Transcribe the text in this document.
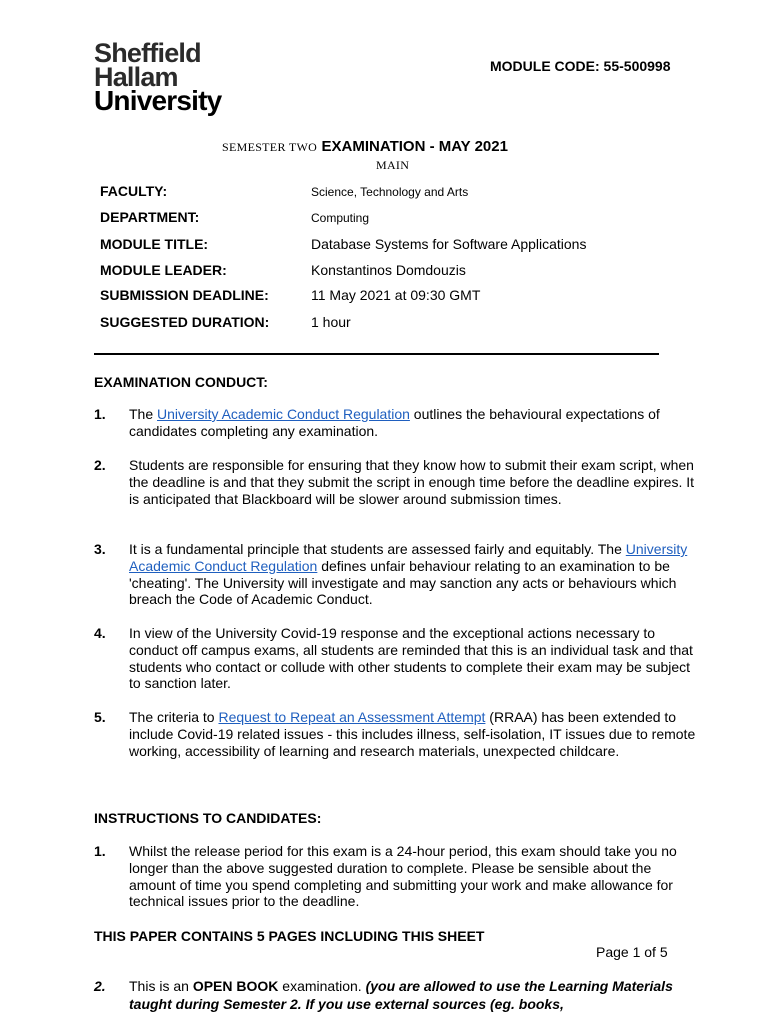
Sheffield
Hallam
University
MODULE CODE: 55-500998
SEMESTER TWO EXAMINATION - MAY 2021
MAIN
FACULTY:	Science, Technology and Arts
DEPARTMENT:	Computing
MODULE TITLE:	Database Systems for Software Applications
MODULE LEADER:	Konstantinos Domdouzis
SUBMISSION DEADLINE:	11 May 2021 at 09:30 GMT
SUGGESTED DURATION:	1 hour
EXAMINATION CONDUCT:
1. The University Academic Conduct Regulation outlines the behavioural expectations of candidates completing any examination.
2. Students are responsible for ensuring that they know how to submit their exam script, when the deadline is and that they submit the script in enough time before the deadline expires. It is anticipated that Blackboard will be slower around submission times.
3. It is a fundamental principle that students are assessed fairly and equitably. The University Academic Conduct Regulation defines unfair behaviour relating to an examination to be 'cheating'. The University will investigate and may sanction any acts or behaviours which breach the Code of Academic Conduct.
4. In view of the University Covid-19 response and the exceptional actions necessary to conduct off campus exams, all students are reminded that this is an individual task and that students who contact or collude with other students to complete their exam may be subject to sanction later.
5. The criteria to Request to Repeat an Assessment Attempt (RRAA) has been extended to include Covid-19 related issues - this includes illness, self-isolation, IT issues due to remote working, accessibility of learning and research materials, unexpected childcare.
INSTRUCTIONS TO CANDIDATES:
1. Whilst the release period for this exam is a 24-hour period, this exam should take you no longer than the above suggested duration to complete. Please be sensible about the amount of time you spend completing and submitting your work and make allowance for technical issues prior to the deadline.
THIS PAPER CONTAINS 5 PAGES INCLUDING THIS SHEET
Page 1 of 5
2. This is an OPEN BOOK examination. (you are allowed to use the Learning Materials taught during Semester 2. If you use external sources (eg. books,
